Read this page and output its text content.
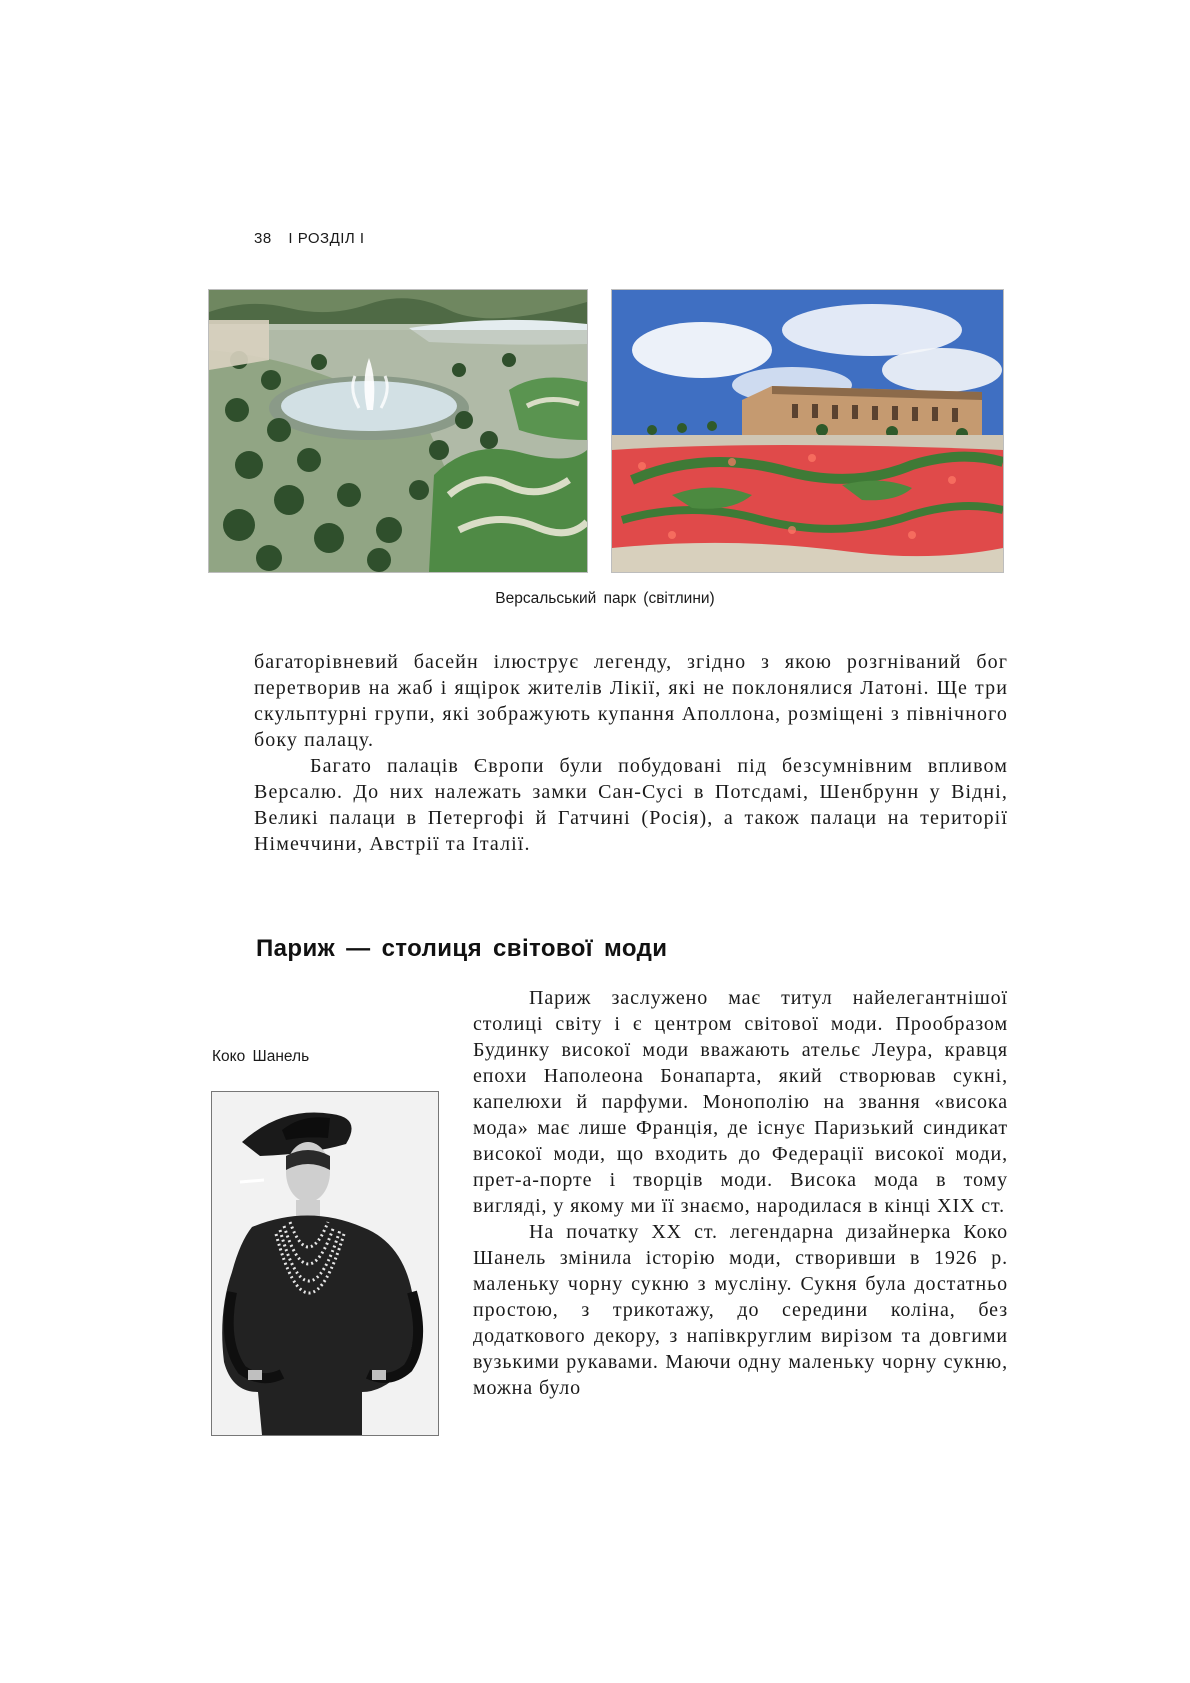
38 І РОЗДІЛ І
Версальський парк (світлини)

багаторівневий басейн ілюструє легенду, згідно з якою розгніваний бог перетворив на жаб і ящірок жителів Лікії, які не поклонялися Латоні. Ще три скульптурні групи, які зображують купання Аполлона, розміщені з північного боку палацу.

Багато палаців Європи були побудовані під безсумнівним впливом Версалю. До них належать замки Сан-Сусі в Потсдамі, Шенбрунн у Відні, Великі палаци в Петергофі й Гатчині (Росія), а також палаци на території Німеччини, Австрії та Італії.

Париж — столиця світової моди
Коко Шанель

Париж заслужено має титул найелегантнішої столиці світу і є центром світової моди. Прообразом Будинку високої моди вважають ательє Леура, кравця епохи Наполеона Бонапарта, який створював сукні, капелюхи й парфуми. Монополію на звання «висока мода» має лише Франція, де існує Паризький синдикат високої моди, що входить до Федерації високої моди, прет-а-порте і творців моди. Висока мода в тому вигляді, у якому ми її знаємо, народилася в кінці XIX ст.

На початку XX ст. легендарна дизайнерка Коко Шанель змінила історію моди, створивши в 1926 р. маленьку чорну сукню з мусліну. Сукня була достатньо простою, з трикотажу, до середини коліна, без додаткового декору, з напівкруглим вирізом та довгими вузькими рукавами. Маючи одну маленьку чорну сукню, можна було
